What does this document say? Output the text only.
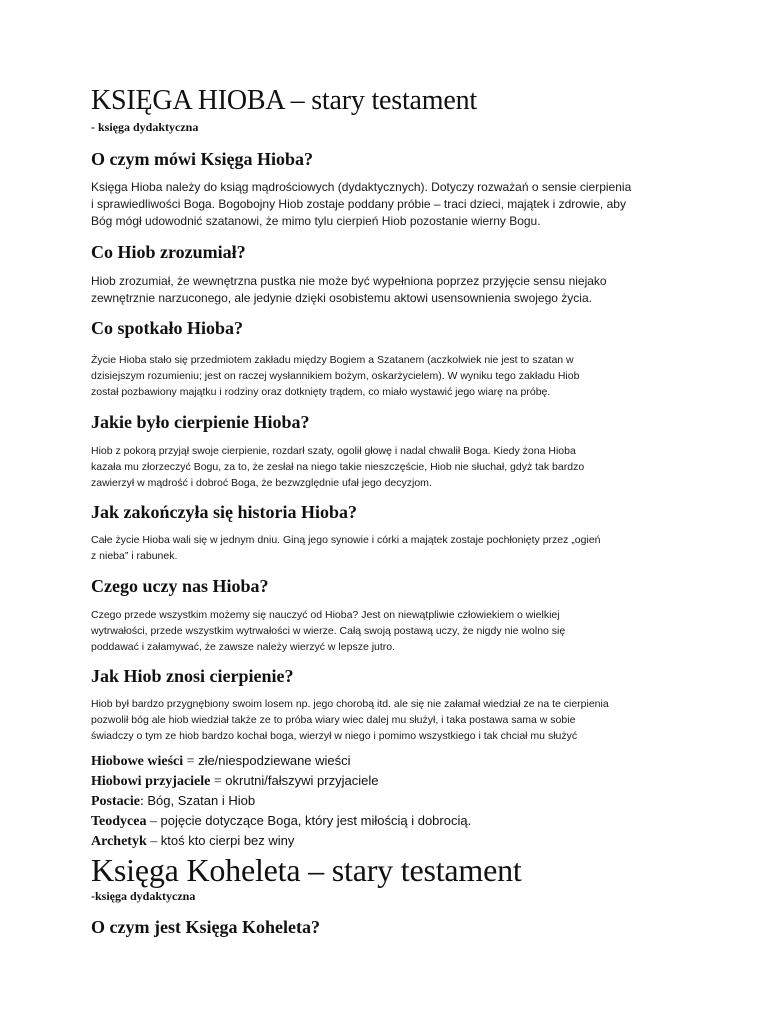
KSIĘGA HIOBA – stary testament

- księga dydaktyczna

O czym mówi Księga Hioba?
Księga Hioba należy do ksiąg mądrościowych (dydaktycznych). Dotyczy rozważań o sensie cierpienia
i sprawiedliwości Boga. Bogobojny Hiob zostaje poddany próbie – traci dzieci, majątek i zdrowie, aby
Bóg mógł udowodnić szatanowi, że mimo tylu cierpień Hiob pozostanie wierny Bogu.
Co Hiob zrozumiał?
Hiob zrozumiał, że wewnętrzna pustka nie może być wypełniona poprzez przyjęcie sensu niejako
zewnętrznie narzuconego, ale jedynie dzięki osobistemu aktowi usensownienia swojego życia.
Co spotkało Hioba?
Życie Hioba stało się przedmiotem zakładu między Bogiem a Szatanem (aczkolwiek nie jest to szatan w
dzisiejszym rozumieniu; jest on raczej wysłannikiem bożym, oskarżycielem). W wyniku tego zakładu Hiob
został pozbawiony majątku i rodziny oraz dotknięty trądem, co miało wystawić jego wiarę na próbę.
Jakie było cierpienie Hioba?
Hiob z pokorą przyjął swoje cierpienie, rozdarł szaty, ogolił głowę i nadal chwalił Boga. Kiedy żona Hioba
kazała mu złorzeczyć Bogu, za to, że zesłał na niego takie nieszczęście, Hiob nie słuchał, gdyż tak bardzo
zawierzył w mądrość i dobroć Boga, że bezwzględnie ufał jego decyzjom.
Jak zakończyła się historia Hioba?
Całe życie Hioba wali się w jednym dniu. Giną jego synowie i córki a majątek zostaje pochłonięty przez „ogień
z nieba” i rabunek.
Czego uczy nas Hioba?
Czego przede wszystkim możemy się nauczyć od Hioba? Jest on niewątpliwie człowiekiem o wielkiej
wytrwałości, przede wszystkim wytrwałości w wierze. Całą swoją postawą uczy, że nigdy nie wolno się
poddawać i załamywać, że zawsze należy wierzyć w lepsze jutro.
Jak Hiob znosi cierpienie?
Hiob był bardzo przygnębiony swoim losem np. jego chorobą itd. ale się nie załamał wiedział ze na te cierpienia
pozwolił bóg ale hiob wiedział także ze to próba wiary wiec dalej mu służył, i taka postawa sama w sobie
świadczy o tym ze hiob bardzo kochał boga, wierzył w niego i pomimo wszystkiego i tak chciał mu służyć
Hiobowe wieści = złe/niespodziewane wieści
Hiobowi przyjaciele = okrutni/fałszywi przyjaciele
Postacie: Bóg, Szatan i Hiob
Teodycea – pojęcie dotyczące Boga, który jest miłością i dobrocią.
Archetyk – ktoś kto cierpi bez winy
Księga Koheleta – stary testament

-księga dydaktyczna

O czym jest Księga Koheleta?
